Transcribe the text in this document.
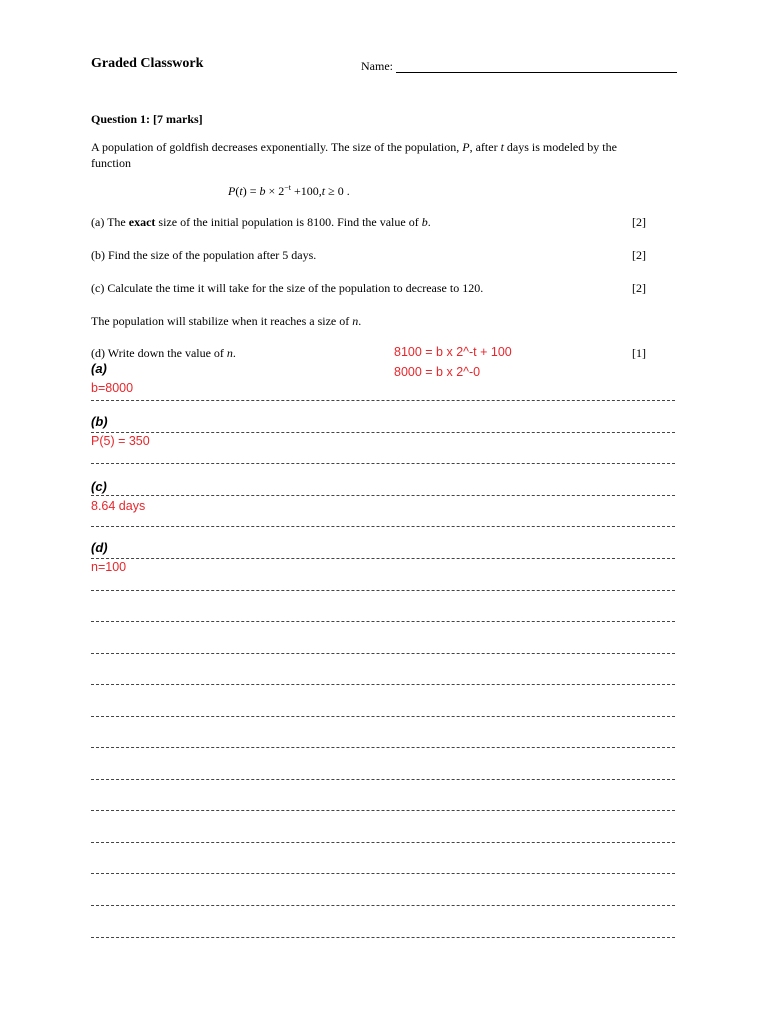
Graded Classwork	Name:
Question 1: [7 marks]
A population of goldfish decreases exponentially. The size of the population, P, after t days is modeled by the function
$P(t) = b \times 2^{-t} +100,t \ge 0$ .
(a) The exact size of the initial population is 8100. Find the value of b.	[2]
(b) Find the size of the population after 5 days.	[2]
(c) Calculate the time it will take for the size of the population to decrease to 120.	[2]
The population will stabilize when it reaches a size of n.
(d) Write down the value of n.	[1]
8100 = b x 2^-t + 100
8000 = b x 2^-0
(a)
b=8000
(b)
P(5) = 350
(c)
8.64 days
(d)
n=100
